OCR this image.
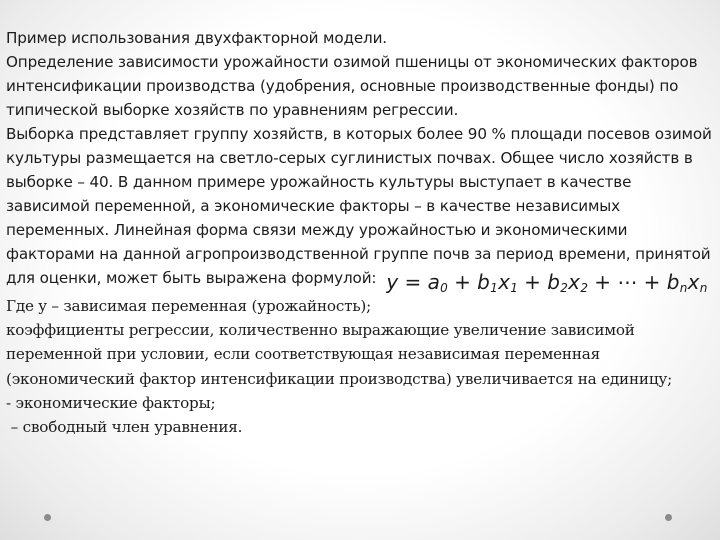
Пример использования двухфакторной модели.

Определение зависимости урожайности озимой пшеницы от экономических факторов интенсификации производства (удобрения, основные производственные фонды) по типической выборке хозяйств по уравнениям регрессии.

Выборка представляет группу хозяйств, в которых более 90 % площади посевов озимой культуры размещается на светло-серых суглинистых почвах. Общее число хозяйств в выборке – 40. В данном примере урожайность культуры выступает в качестве зависимой переменной, а экономические факторы – в качестве независимых переменных. Линейная форма связи между урожайностью и экономическими факторами на данной агропроизводственной группе почв за период времени, принятой для оценки, может быть выражена формулой: $y = a_0 + b_1x_1 + b_2x_2$ + ⋯ + $b_nx_n$

Где y – зависимая переменная (урожайность);

коэффициенты регрессии, количественно выражающие увеличение зависимой переменной при условии, если соответствующая независимая переменная (экономический фактор интенсификации производства) увеличивается на единицу;

- экономические факторы;

– свободный член уравнения.
